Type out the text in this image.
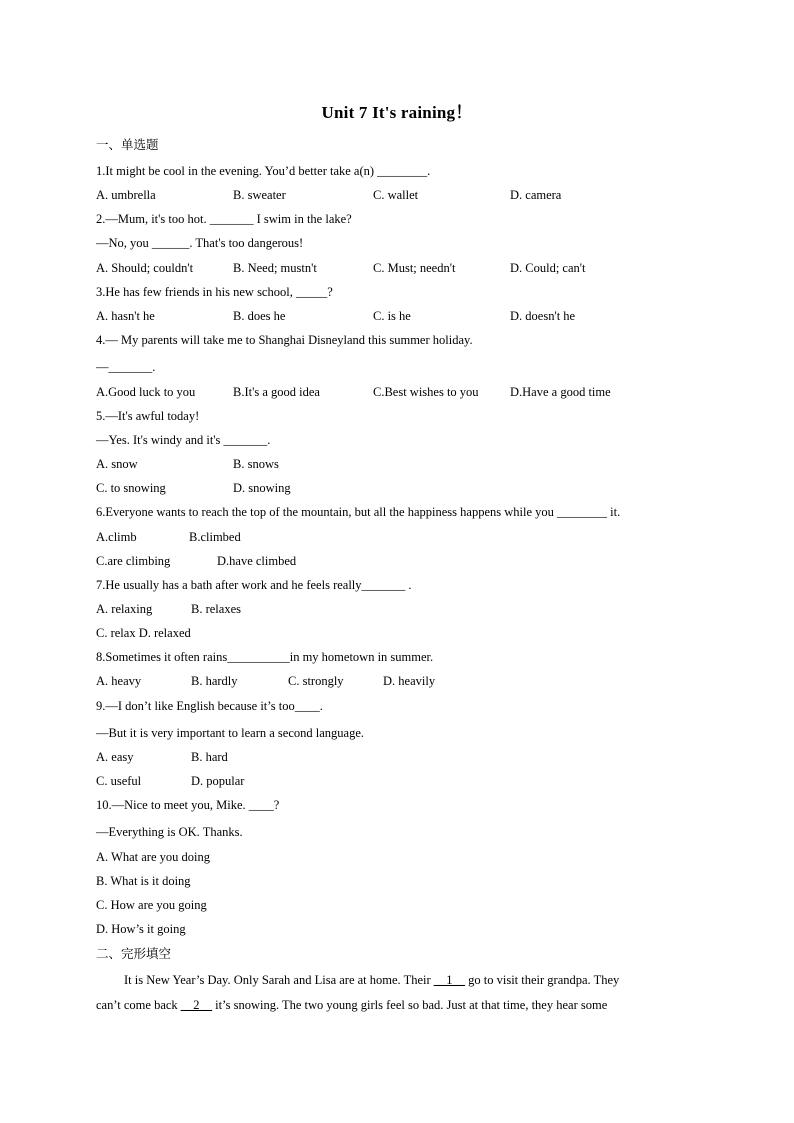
Unit 7 It's raining！
一、单选题
1.It might be cool in the evening. You’d better take a(n) ________.
A. umbrella	B. sweater	C. wallet	D. camera
2.—Mum, it's too hot. _______ I swim in the lake?
—No, you ______. That's too dangerous!
A. Should; couldn't	B. Need; mustn't	C. Must; needn't	D. Could; can't
3.He has few friends in his new school, _____?
A. hasn't he	B. does he	C. is he	D. doesn't he
4.— My parents will take me to Shanghai Disneyland this summer holiday.
—_______.
A.Good luck to you	B.It's a good idea	C.Best wishes to you	D.Have a good time
5.—It's awful today!
—Yes. It's windy and it's _______.
A. snow	B. snows
C. to snowing	D. snowing
6.Everyone wants to reach the top of the mountain, but all the happiness happens while you ________ it.
A.climb	B.climbed
C.are climbing	D.have climbed
7.He usually has a bath after work and he feels really_______ .
A. relaxing	B. relaxes
C. relax D. relaxed
8.Sometimes it often rains__________in my hometown in summer.
A. heavy	B. hardly	C. strongly	D. heavily
9.—I don’t like English because it’s too____.
—But it is very important to learn a second language.
A. easy	B. hard
C. useful	D. popular
10.—Nice to meet you, Mike. ____?
—Everything is OK. Thanks.
A. What are you doing
B. What is it doing
C. How are you going
D. How’s it going
二、完形填空
It is New Year’s Day. Only Sarah and Lisa are at home. Their __1__ go to visit their grandpa. They
can’t come back __2__ it’s snowing. The two young girls feel so bad. Just at that time, they hear some
